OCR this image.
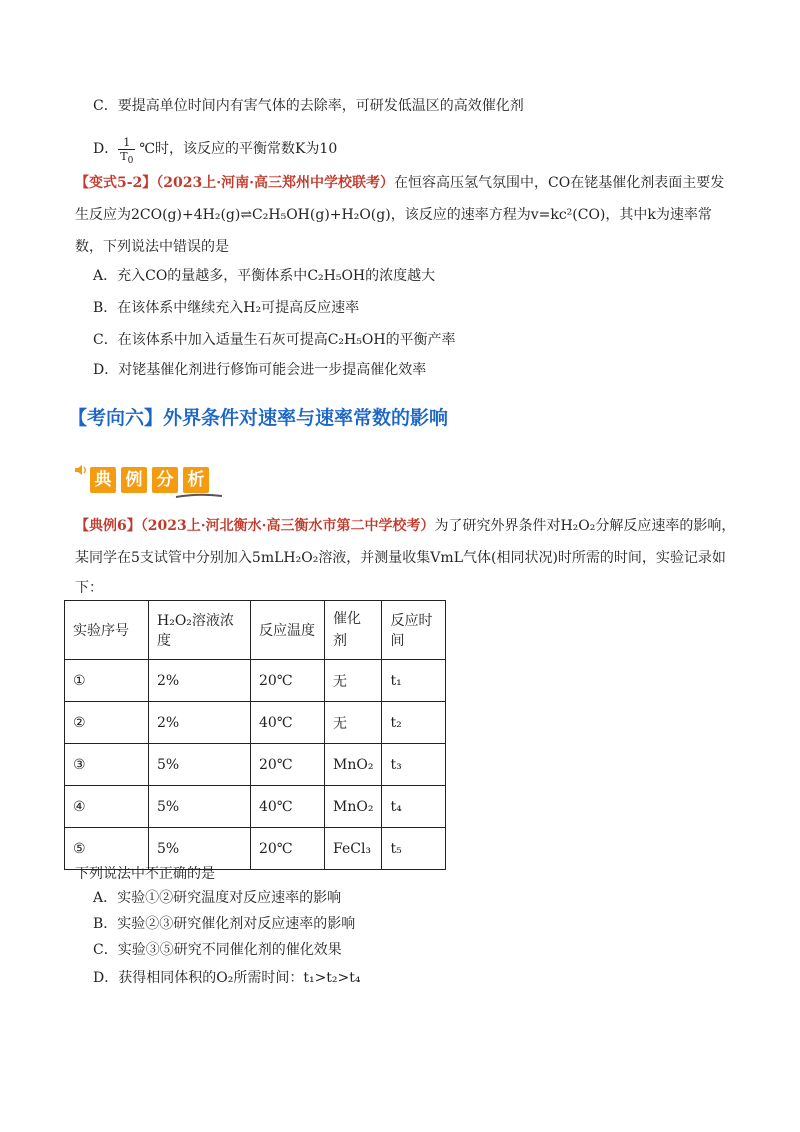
C．要提高单位时间内有害气体的去除率，可研发低温区的高效催化剂
D． $\frac{1}{T_0}$ ℃时，该反应的平衡常数K为10
【变式5-2】（2023上·河南·高三郑州中学校联考）在恒容高压氢气氛围中，CO在铑基催化剂表面主要发
生反应为2CO(g)+4H₂(g)⇌C₂H₅OH(g)+H₂O(g)，该反应的速率方程为v=kc²(CO)，其中k为速率常
数，下列说法中错误的是
A．充入CO的量越多，平衡体系中C₂H₅OH的浓度越大
B．在该体系中继续充入H₂可提高反应速率
C．在该体系中加入适量生石灰可提高C₂H₅OH的平衡产率
D．对铑基催化剂进行修饰可能会进一步提高催化效率
【考向六】外界条件对速率与速率常数的影响
典 例 分 析
【典例6】（2023上·河北衡水·高三衡水市第二中学校考）为了研究外界条件对H₂O₂分解反应速率的影响，
某同学在5支试管中分别加入5mLH₂O₂溶液，并测量收集VmL气体(相同状况)时所需的时间，实验记录如
下：
实验序号	H₂O₂溶液浓度	反应温度	催化剂	反应时间
①	2%	20℃	无	t₁
②	2%	40℃	无	t₂
③	5%	20℃	MnO₂	t₃
④	5%	40℃	MnO₂	t₄
⑤	5%	20℃	FeCl₃	t₅
下列说法中不正确的是
A．实验①②研究温度对反应速率的影响
B．实验②③研究催化剂对反应速率的影响
C．实验③⑤研究不同催化剂的催化效果
D．获得相同体积的O₂所需时间：t₁>t₂>t₄
